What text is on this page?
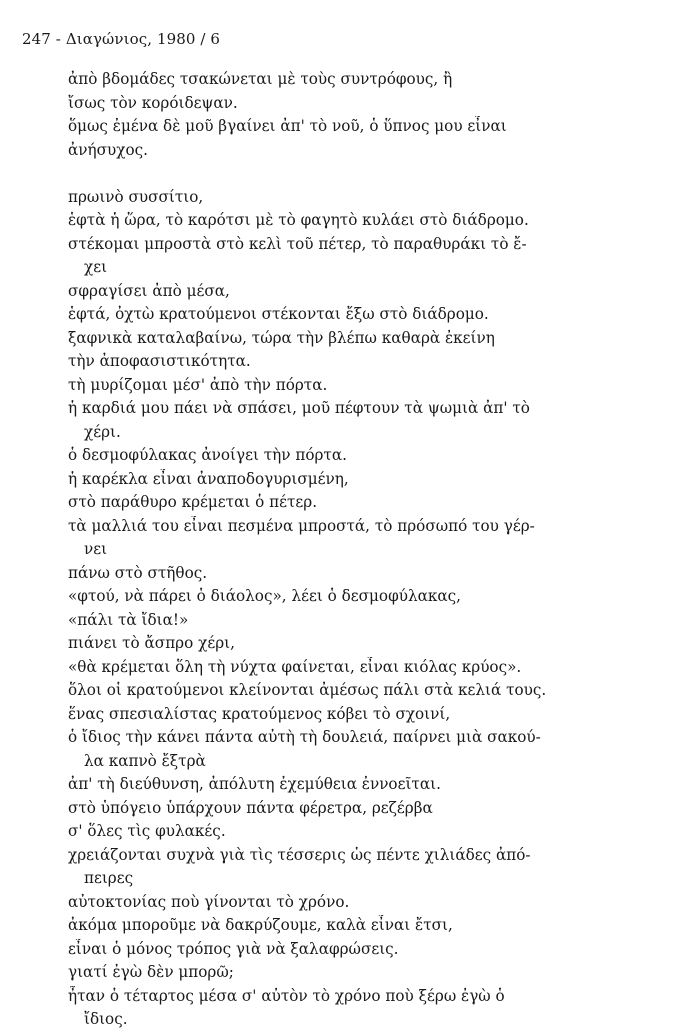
247 - Διαγώνιος, 1980 / 6
ἀπὸ βδομάδες τσακώνεται μὲ τοὺς συντρόφους, ἢ
ἴσως τὸν κορόιδεψαν.
ὅμως ἐμένα δὲ μοῦ βγαίνει ἀπ' τὸ νοῦ, ὁ ὕπνος μου εἶναι
ἀνήσυχος.
πρωινὸ συσσίτιο,
ἑφτὰ ἡ ὥρα, τὸ καρότσι μὲ τὸ φαγητὸ κυλάει στὸ διάδρομο.
στέκομαι μπροστὰ στὸ κελὶ τοῦ πέτερ, τὸ παραθυράκι τὸ ἔ-
χει
σφραγίσει ἀπὸ μέσα,
ἑφτά, ὀχτὼ κρατούμενοι στέκονται ἔξω στὸ διάδρομο.
ξαφνικὰ καταλαβαίνω, τώρα τὴν βλέπω καθαρὰ ἐκείνη
τὴν ἀποφασιστικότητα.
τὴ μυρίζομαι μέσ' ἀπὸ τὴν πόρτα.
ἡ καρδιά μου πάει νὰ σπάσει, μοῦ πέφτουν τὰ ψωμιὰ ἀπ' τὸ
χέρι.
ὁ δεσμοφύλακας ἀνοίγει τὴν πόρτα.
ἡ καρέκλα εἶναι ἀναποδογυρισμένη,
στὸ παράθυρο κρέμεται ὁ πέτερ.
τὰ μαλλιά του εἶναι πεσμένα μπροστά, τὸ πρόσωπό του γέρ-
νει
πάνω στὸ στῆθος.
«φτού, νὰ πάρει ὁ διάολος», λέει ὁ δεσμοφύλακας,
«πάλι τὰ ἴδια!»
πιάνει τὸ ἄσπρο χέρι,
«θὰ κρέμεται ὅλη τὴ νύχτα φαίνεται, εἶναι κιόλας κρύος».
ὅλοι οἱ κρατούμενοι κλείνονται ἀμέσως πάλι στὰ κελιά τους.
ἕνας σπεσιαλίστας κρατούμενος κόβει τὸ σχοινί,
ὁ ἴδιος τὴν κάνει πάντα αὐτὴ τὴ δουλειά, παίρνει μιὰ σακού-
λα καπνὸ ἔξτρὰ
ἀπ' τὴ διεύθυνση, ἀπόλυτη ἐχεμύθεια ἐννοεῖται.
στὸ ὑπόγειο ὑπάρχουν πάντα φέρετρα, ρεζέρβα
σ' ὅλες τὶς φυλακές.
χρειάζονται συχνὰ γιὰ τὶς τέσσερις ὡς πέντε χιλιάδες ἀπό-
πειρες
αὐτοκτονίας ποὺ γίνονται τὸ χρόνο.
ἀκόμα μποροῦμε νὰ δακρύζουμε, καλὰ εἶναι ἔτσι,
εἶναι ὁ μόνος τρόπος γιὰ νὰ ξαλαφρώσεις.
γιατί ἐγὼ δὲν μπορῶ;
ἦταν ὁ τέταρτος μέσα σ' αὐτὸν τὸ χρόνο ποὺ ξέρω ἐγὼ ὁ
ἴδιος.
